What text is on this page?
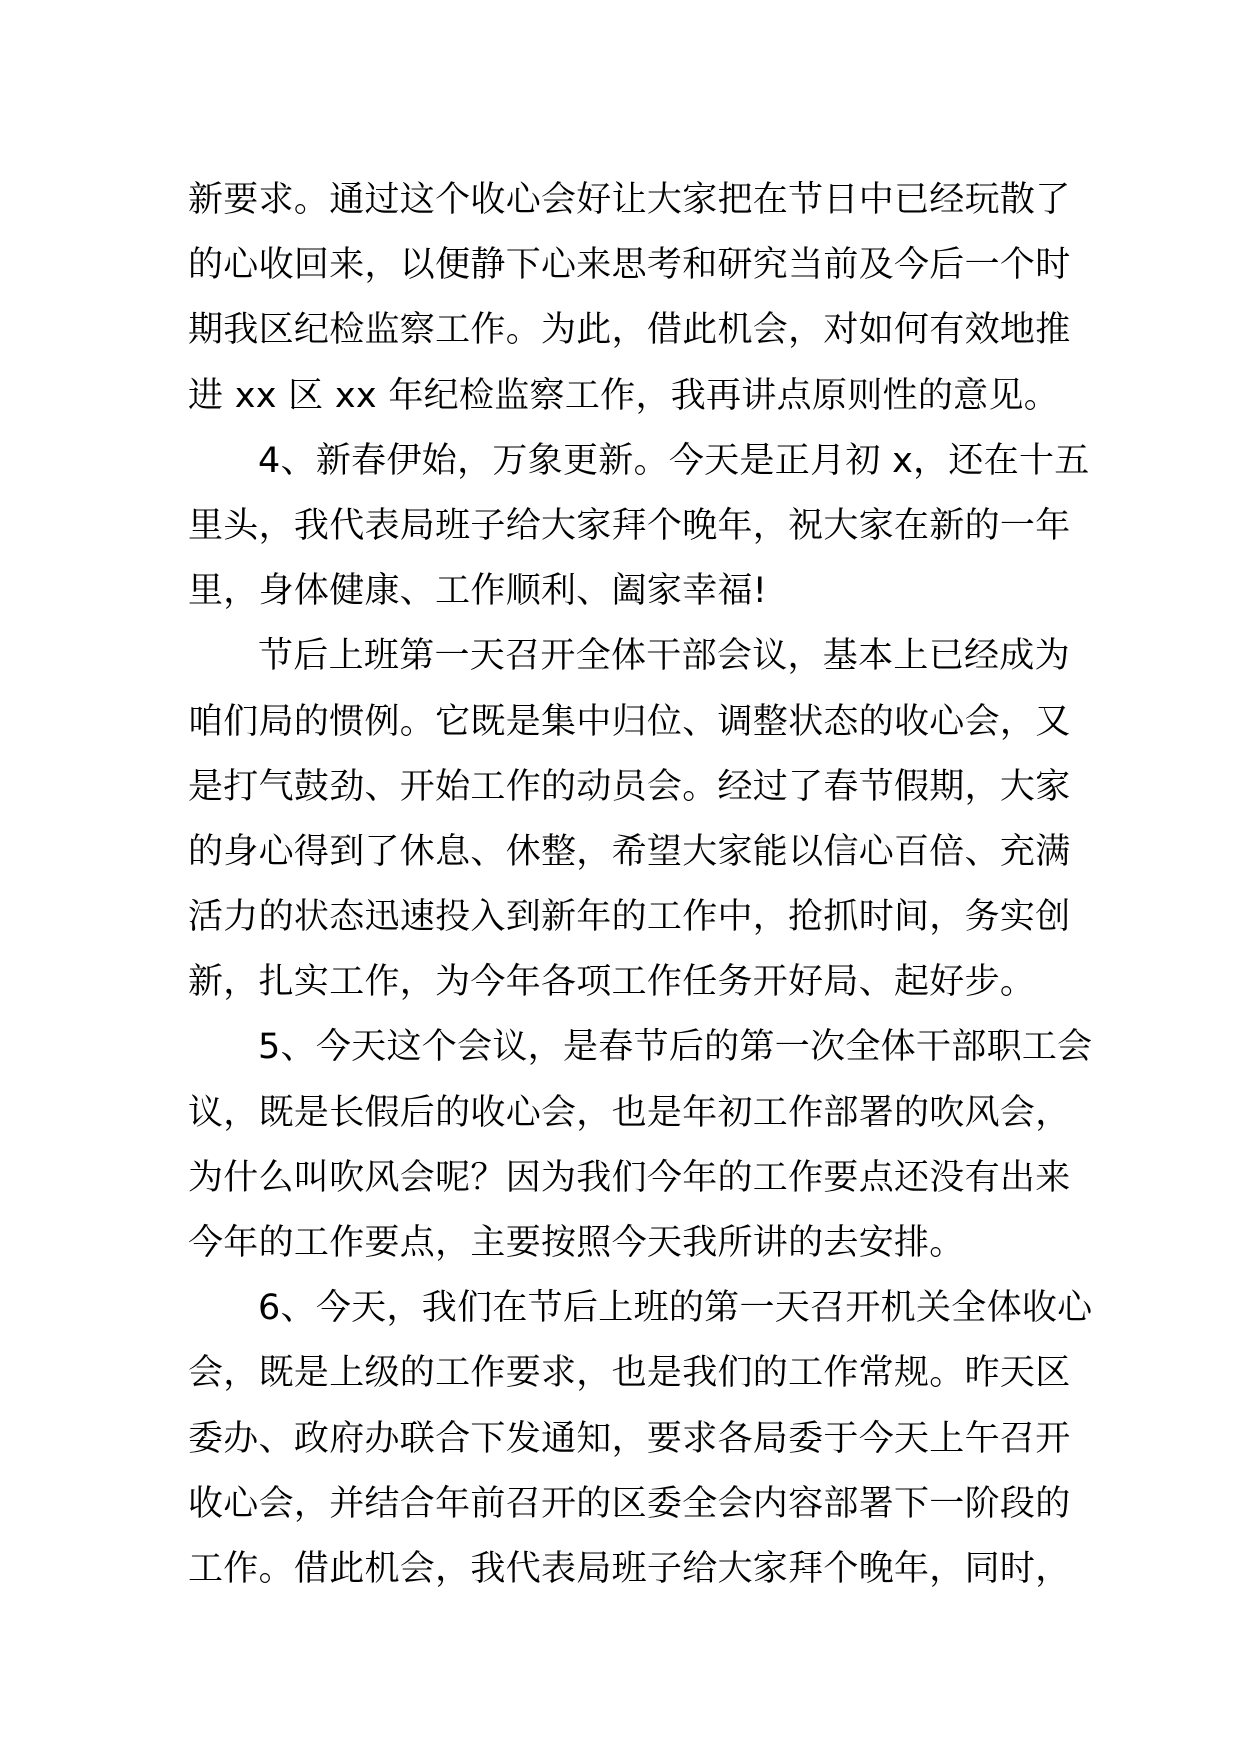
新要求。通过这个收心会好让大家把在节日中已经玩散了
的心收回来，以便静下心来思考和研究当前及今后一个时
期我区纪检监察工作。为此，借此机会，对如何有效地推
进 xx 区 xx 年纪检监察工作，我再讲点原则性的意见。
4、新春伊始，万象更新。今天是正月初 x，还在十五
里头，我代表局班子给大家拜个晚年，祝大家在新的一年
里，身体健康、工作顺利、阖家幸福!
节后上班第一天召开全体干部会议，基本上已经成为
咱们局的惯例。它既是集中归位、调整状态的收心会，又
是打气鼓劲、开始工作的动员会。经过了春节假期，大家
的身心得到了休息、休整，希望大家能以信心百倍、充满
活力的状态迅速投入到新年的工作中，抢抓时间，务实创
新，扎实工作，为今年各项工作任务开好局、起好步。
5、今天这个会议，是春节后的第一次全体干部职工会
议，既是长假后的收心会，也是年初工作部署的吹风会，
为什么叫吹风会呢？因为我们今年的工作要点还没有出来
今年的工作要点，主要按照今天我所讲的去安排。
6、今天，我们在节后上班的第一天召开机关全体收心
会，既是上级的工作要求，也是我们的工作常规。昨天区
委办、政府办联合下发通知，要求各局委于今天上午召开
收心会，并结合年前召开的区委全会内容部署下一阶段的
工作。借此机会，我代表局班子给大家拜个晚年，同时，
